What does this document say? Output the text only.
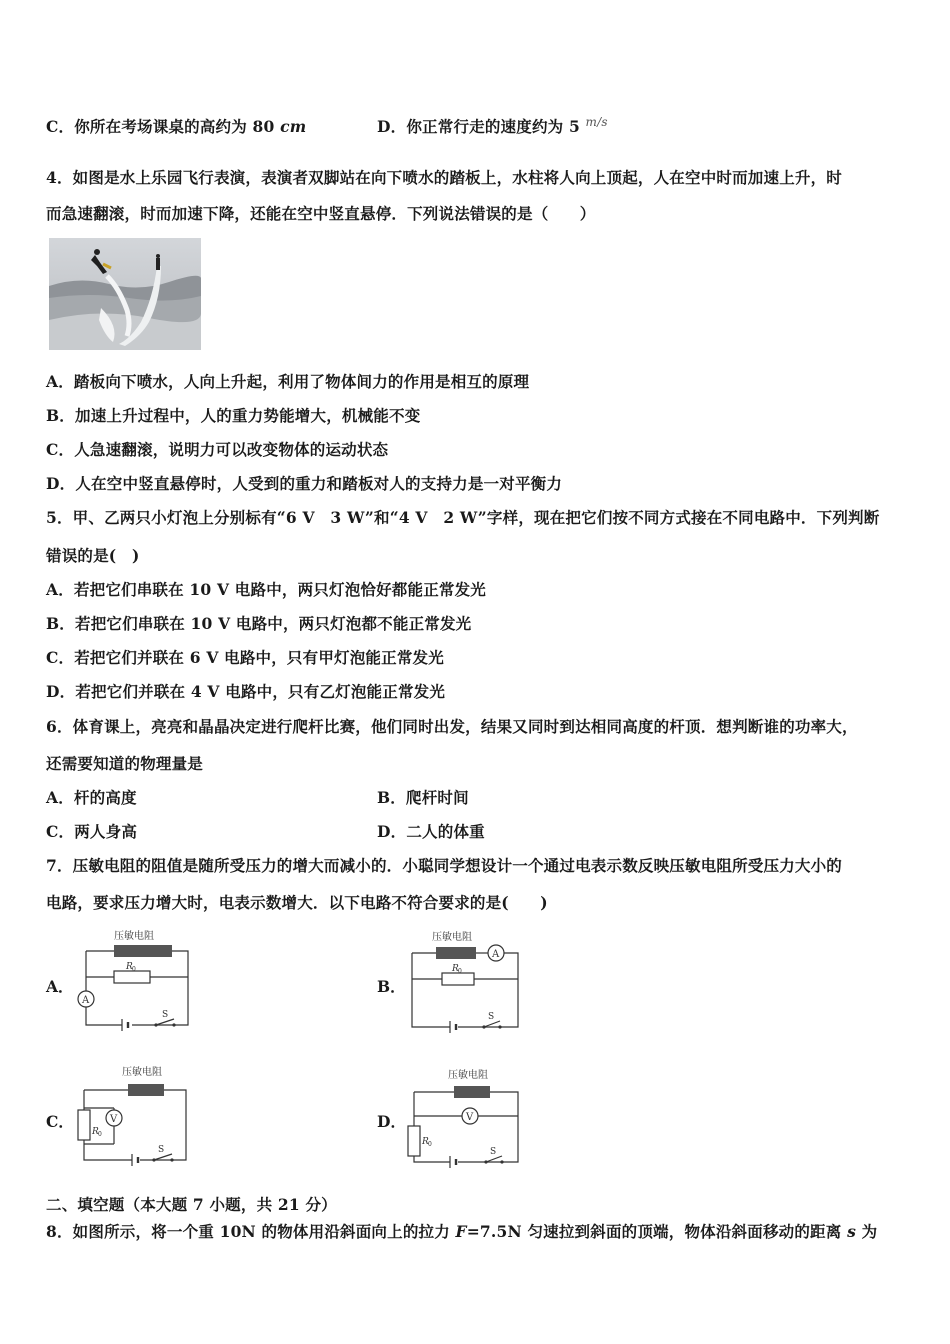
C．你所在考场课桌的高约为 80 cm	D．你正常行走的速度约为 5 $^{m/s}$
4．如图是水上乐园飞行表演，表演者双脚站在向下喷水的踏板上，水柱将人向上顶起，人在空中时而加速上升，时
而急速翻滚，时而加速下降，还能在空中竖直悬停．下列说法错误的是（　　）
A．踏板向下喷水，人向上升起，利用了物体间力的作用是相互的原理
B．加速上升过程中，人的重力势能增大，机械能不变
C．人急速翻滚，说明力可以改变物体的运动状态
D．人在空中竖直悬停时，人受到的重力和踏板对人的支持力是一对平衡力
5．甲、乙两只小灯泡上分别标有“6 V　3 W”和“4 V　2 W”字样，现在把它们按不同方式接在不同电路中．下列判断
错误的是(　)
A．若把它们串联在 10 V 电路中，两只灯泡恰好都能正常发光
B．若把它们串联在 10 V 电路中，两只灯泡都不能正常发光
C．若把它们并联在 6 V 电路中，只有甲灯泡能正常发光
D．若把它们并联在 4 V 电路中，只有乙灯泡能正常发光
6．体育课上，亮亮和晶晶决定进行爬杆比赛，他们同时出发，结果又同时到达相同高度的杆顶．想判断谁的功率大，
还需要知道的物理量是
A．杆的高度	B．爬杆时间
C．两人身高	D．二人的体重
7．压敏电阻的阻值是随所受压力的增大而减小的．小聪同学想设计一个通过电表示数反映压敏电阻所受压力大小的
电路，要求压力增大时，电表示数增大．以下电路不符合要求的是(　　)
A．
压敏电阻
R 0
A
S
B．
压敏电阻
R 0
A
S
C．
压敏电阻
R 0
V
S
D．
压敏电阻
R 0
V
S
二、填空题（本大题 7 小题，共 21 分）
8．如图所示，将一个重 10N 的物体用沿斜面向上的拉力 F=7.5N 匀速拉到斜面的顶端，物体沿斜面移动的距离 s 为
